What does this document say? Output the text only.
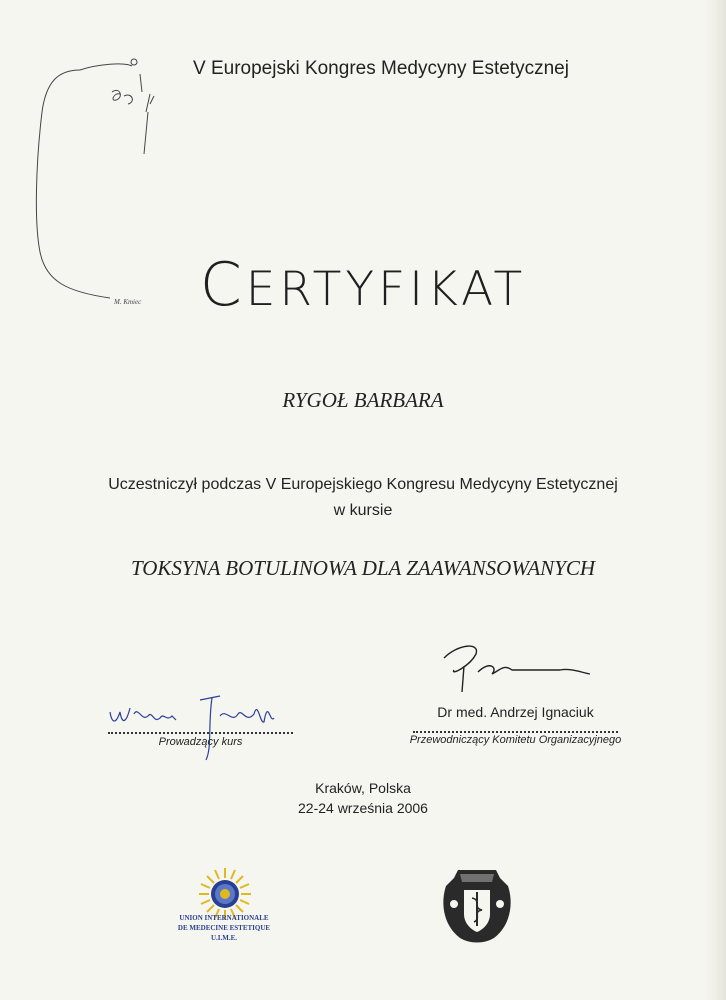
M. Kmiec
V Europejski Kongres Medycyny Estetycznej
CERTYFIKAT
RYGOŁ BARBARA
Uczestniczył podczas V Europejskiego Kongresu Medycyny Estetycznej
w kursie
TOKSYNA BOTULINOWA DLA ZAAWANSOWANYCH
Prowadzący kurs
Dr med. Andrzej Ignaciuk
Przewodniczący Komitetu Organizacyjnego
Kraków, Polska
22-24 września 2006
UNION INTERNATIONALE
DE MEDECINE ESTETIQUE
U.I.M.E.
